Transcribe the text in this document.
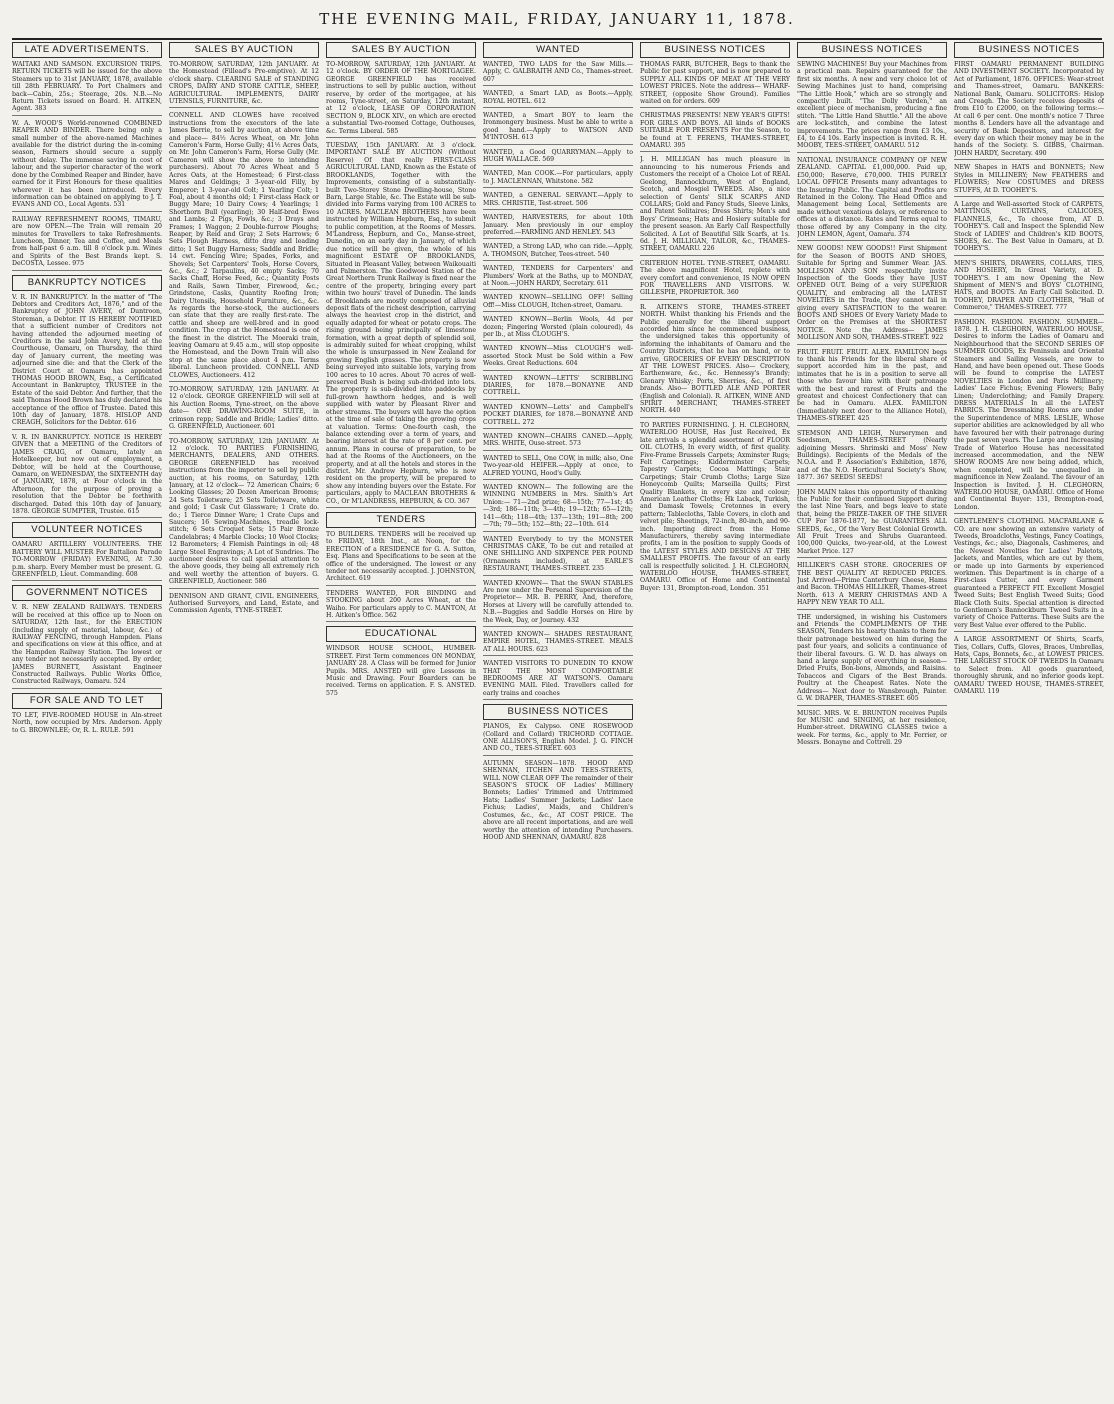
THE EVENING MAIL, FRIDAY, JANUARY 11, 1878.
LATE ADVERTISEMENTS.

WAITAKI AND SAMSON. EXCURSION TRIPS. RETURN TICKETS will be issued for the above Steamers up to 31st JANUARY, 1878, available till 28th FEBRUARY. To Port Chalmers and back—Cabin, 25s.; Steerage, 20s. N.B.—No Return Tickets issued on Board. H. AITKEN, Agent. 383

W. A. WOOD'S World-renowned COMBINED REAPER AND BINDER. There being only a small number of the above-named Machines available for the district during the in-coming season, Farmers should secure a supply without delay. The immense saving in cost of labour, and the superior character of the work done by the Combined Reaper and Binder, have earned for it First Honours for these qualities wherever it has been introduced. Every information can be obtained on applying to J. T. EVANS AND CO., Local Agents. 531

RAILWAY REFRESHMENT ROOMS, TIMARU, are now OPEN.—The Train will remain 20 minutes for Travellers to take Refreshments. Luncheon, Dinner, Tea and Coffee, and Meals from half-past 6 a.m. till 8 o'clock p.m. Wines and Spirits of the Best Brands kept. S. DeCOSTA, Lessee. 975

BANKRUPTCY NOTICES

V. R. IN BANKRUPTCY. In the matter of "The Debtors and Creditors Act, 1876," and of the Bankruptcy of JOHN AVERY, of Duntroon, Storeman, a Debtor. IT IS HEREBY NOTIFIED that a sufficient number of Creditors not having attended the adjourned meeting of Creditors in the said John Avery, held at the Courthouse, Oamaru, on Thursday, the third day of January current, the meeting was adjourned sine die: and that the Clerk of the District Court at Oamaru has appointed THOMAS HOOD BROWN, Esq., a Certificated Accountant in Bankruptcy, TRUSTEE in the Estate of the said Debtor. And further, that the said Thomas Hood Brown has duly declared his acceptance of the office of Trustee. Dated this 10th day of January, 1878. HISLOP AND CREAGH, Solicitors for the Debtor. 616

V. R. IN BANKRUPTCY. NOTICE IS HEREBY GIVEN that a MEETING of the Creditors of JAMES CRAIG, of Oamaru, lately an Hotelkeeper, but now out of employment, a Debtor, will be held at the Courthouse, Oamaru, on WEDNESDAY, the SIXTEENTH day of JANUARY, 1878, at Four o'clock in the Afternoon, for the purpose of proving a resolution that the Debtor be forthwith discharged. Dated this 10th day of January, 1878. GEORGE SUMPTER, Trustee. 615

VOLUNTEER NOTICES

OAMARU ARTILLERY VOLUNTEERS. THE BATTERY WILL MUSTER For Battalion Parade TO-MORROW (FRIDAY) EVENING, At 7.30 p.m. sharp. Every Member must be present. G. GREENFIELD, Lieut. Commanding. 608

GOVERNMENT NOTICES

V. R. NEW ZEALAND RAILWAYS. TENDERS will be received at this office up to Noon on SATURDAY, 12th Inst., for the ERECTION (including supply of material, labour, &c.) of RAILWAY FENCING, through Hampden. Plans and specifications on view at this office, and at the Hampden Railway Station. The lowest or any tender not necessarily accepted. By order, JAMES BURNETT, Assistant Engineer Constructed Railways. Public Works Office, Constructed Railways, Oamaru. 524

FOR SALE AND TO LET

TO LET, FIVE-ROOMED HOUSE in Aln-street North, now occupied by Mrs. Anderson. Apply to G. BROWNLEE; Or, R. L. RULE. 591

SALES BY AUCTION

TO-MORROW, SATURDAY, 12th JANUARY. At the Homestead (Fillead's Pre-emptive). At 12 o'clock sharp. CLEARING SALE of STANDING CROPS, DAIRY AND STORE CATTLE, SHEEP, AGRICULTURAL IMPLEMENTS, DAIRY UTENSILS, FURNITURE, &c.

CONNELL AND CLOWES have received instructions from the executors of the late James Berrie, to sell by auction, at above time and place— 84½ Acres Wheat, on Mr. John Cameron's Farm, Horse Gully; 41½ Acres Oats, on Mr. John Cameron's Farm, Horse Gully (Mr. Cameron will show the above to intending purchasers). About 70 Acres Wheat and 5 Acres Oats, at the Homestead; 6 First-class Mares and Geldings; 3 3-year-old Filly, by Emperor; 1 3-year-old Colt; 1 Yearling Colt; 1 Foal, about 4 months old; 1 First-class Hack or Buggy Mare; 10 Dairy Cows; 4 Yearlings; 1 Shorthorn Bull (yearling); 30 Half-bred Ewes and Lambs; 2 Pigs, Fowls, &c.; 3 Drays and Frames; 1 Waggon; 2 Double-furrow Ploughs; Reaper, by Reid and Gray; 2 Sets Harrows; 6 Sets Plough Harness, ditto dray and leading ditto; 1 Set Buggy Harness; Saddle and Bridle; 14 cwt. Fencing Wire; Spades, Forks, and Shovels; Set Carpenters' Tools, Horse Covers, &c., &c.; 2 Tarpaulins, 40 empty Sacks; 70 Sacks Chaff, Horse Feed, &c.; Quantity Posts and Rails, Sawn Timber, Firewood, &c.; Grindstone, Casks, Quantity Roofing Iron; Dairy Utensils, Household Furniture, &c., &c. As regards the horse-stock, the auctioneers can state that they are really first-rate. The cattle and sheep are well-bred and in good condition. The crop at the Homestead is one of the finest in the district. The Moeraki train, leaving Oamaru at 9.45 a.m., will stop opposite the Homestead, and the Down Train will also stop at the same place about 4 p.m. Terms liberal. Luncheon provided. CONNELL AND CLOWES, Auctioneers. 412

TO-MORROW, SATURDAY, 12th JANUARY. At 12 o'clock. GEORGE GREENFIELD will sell at his Auction Rooms, Tyne-street, on the above date— ONE DRAWING-ROOM SUITE, in crimson repp; Saddle and Bridle; Ladies' ditto. G. GREENFIELD, Auctioneer. 601

TO-MORROW, SATURDAY, 12th JANUARY. At 12 o'clock. TO PARTIES FURNISHING, MERCHANTS, DEALERS, AND OTHERS. GEORGE GREENFIELD has received instructions from the importer to sell by public auction, at his rooms, on Saturday, 12th January, at 12 o'clock— 72 American Chairs; 6 Looking Glasses; 20 Dozen American Brooms; 24 Sets Toiletware; 25 Sets Toiletware, white and gold; 1 Cask Cut Glassware; 1 Crate do. do.; 1 Tierce Dinner Ware; 1 Crate Cups and Saucers; 16 Sewing-Machines, treadle lock-stitch; 6 Sets Croquet Sets; 15 Pair Bronze Candelabras; 4 Marble Clocks; 10 Wool Clocks; 12 Barometers; 4 Flemish Paintings in oil; 48 Large Steel Engravings; A Lot of Sundries. The auctioneer desires to call special attention to the above goods, they being all extremely rich and well worthy the attention of buyers. G. GREENFIELD, Auctioneer. 586

DENNISON AND GRANT, CIVIL ENGINEERS, Authorised Surveyors, and Land, Estate, and Commission Agents, TYNE-STREET.

SALES BY AUCTION

TO-MORROW, SATURDAY, 12th JANUARY. At 12 o'clock. BY ORDER OF THE MORTGAGEE. GEORGE GREENFIELD has received instructions to sell by public auction, without reserve, by order of the mortgagee, at his rooms, Tyne-street, on Saturday, 12th instant, at 12 o'clock, LEASE OF CORPORATION SECTION 9, BLOCK XIV., on which are erected a substantial Two-roomed Cottage, Outhouses, &c. Terms Liberal. 585

TUESDAY, 15th JANUARY. At 3 o'clock. IMPORTANT SALE BY AUCTION (Without Reserve) Of that really FIRST-CLASS AGRICULTURAL LAND, Known as the Estate of BROOKLANDS, Together with the Improvements, consisting of a substantially-built Two-Storey Stone Dwelling-house, Stone Barn, Large Stable, &c. The Estate will be sub-divided into Farms varying from 100 ACRES to 10 ACRES. MACLEAN BROTHERS have been instructed by William Hepburn, Esq., to submit to public competition, at the Rooms of Messrs. M'Landress, Hepburn, and Co., Manse-street, Dunedin, on an early day in January, of which due notice will be given, the whole of his magnificent ESTATE OF BROOKLANDS, Situated in Pleasant Valley, between Waikouaiti and Palmerston. The Goodwood Station of the Great Northern Trunk Railway is fixed near the centre of the property, bringing every part within two hours' travel of Dunedin. The lands of Brooklands are mostly composed of alluvial deposit flats of the richest description, carrying always the heaviest crop in the district, and equally adapted for wheat or potato crops. The rising ground being principally of limestone formation, with a great depth of splendid soil, is admirably suited for wheat cropping, whilst the whole is unsurpassed in New Zealand for growing English grasses. The property is now being surveyed into suitable lots, varying from 100 acres to 10 acres. About 70 acres of well-preserved Bush is being sub-divided into lots. The property is sub-divided into paddocks by full-grown hawthorn hedges, and is well supplied with water by Pleasant River and other streams. The buyers will have the option at the time of sale of taking the growing crops at valuation. Terms: One-fourth cash, the balance extending over a term of years, and bearing interest at the rate of 8 per cent. per annum. Plans in course of preparation, to be had at the Rooms of the Auctioneers, on the property, and at all the hotels and stores in the district. Mr. Andrew Hepburn, who is now resident on the property, will be prepared to show any intending buyers over the Estate. For particulars, apply to MACLEAN BROTHERS & CO., Or M'LANDRESS, HEPBURN, & CO. 367

TENDERS

TO BUILDERS. TENDERS will be received up to FRIDAY, 18th Inst., at Noon, for the ERECTION of a RESIDENCE for G. A. Sutton, Esq. Plans and Specifications to be seen at the office of the undersigned. The lowest or any tender not necessarily accepted. J. JOHNSTON, Architect. 619

TENDERS WANTED, FOR BINDING and STOOKING about 200 Acres Wheat, at the Waiho. For particulars apply to C. MANTON, At H. Aitken's Office. 562

EDUCATIONAL

WINDSOR HOUSE SCHOOL, HUMBER-STREET. First Term commences ON MONDAY, JANUARY 28. A Class will be formed for Junior Pupils. MRS. ANSTED will give Lessons in Music and Drawing. Four Boarders can be received. Terms on application. F. S. ANSTED. 575

WANTED

WANTED, TWO LADS for the Saw Mills.—Apply, C. GALBRAITH AND Co., Thames-street. 607

WANTED, a Smart LAD, as Boots.—Apply, ROYAL HOTEL. 612

WANTED, a Smart BOY to learn the Ironmongery business. Must be able to write a good hand.—Apply to WATSON AND M'INTOSH. 613

WANTED, a Good QUARRYMAN.—Apply to HUGH WALLACE. 569

WANTED, Man COOK.—For particulars, apply to J. MACLENNAN, Whitstone. 582

WANTED, a GENERAL SERVANT.—Apply to MRS. CHRISTIE, Test-street. 506

WANTED, HARVESTERS, for about 10th January. Men previously in our employ preferred.—FARMING AND HENLEY. 543

WANTED, a Strong LAD, who can ride.—Apply, A. THOMSON, Butcher, Tees-street. 540

WANTED, TENDERS for Carpenters' and Plumbers' Work at the Baths, up to MONDAY, at Noon.—JOHN HARDY, Secretary. 611

WANTED KNOWN—SELLING OFF! Selling Off!—Miss CLOUGH, Itchen-street, Oamaru.

WANTED KNOWN—Berlin Wools, 4d per dozen; Fingering Worsted (plain coloured), 4s per lb., at Miss CLOUGH'S.

WANTED KNOWN—Miss CLOUGH'S well-assorted Stock Must be Sold within a Few Weeks. Great Reductions. 604

WANTED KNOWN—LETTS' SCRIBBLING DIARIES, for 1878.—BONAYNE AND COTTRELL.

WANTED KNOWN—Letts' and Campbell's POCKET DIARIES, for 1878.—BONAYNE AND COTTRELL. 272

WANTED KNOWN—CHAIRS CANED.—Apply, MRS. WHITE, Ouse-street. 573

WANTED to SELL, One COW, in milk; also, One Two-year-old HEIFER.—Apply at once, to ALFRED YOUNG, Hood's Gully.

WANTED KNOWN— The following are the WINNING NUMBERS in Mrs. Smith's Art Union:— 71—2nd prize; 68—15th; 77—1st; 45—3rd; 186—11th; 3—4th; 19—12th; 65—12th; 141—6th; 118—4th; 137—13th; 191—8th; 200—7th; 79—5th; 152—8th; 22—10th. 614

WANTED Everybody to try the MONSTER CHRISTMAS CAKE, To be cut and retailed at ONE SHILLING AND SIXPENCE PER POUND (Ornaments included), at EARLE'S RESTAURANT, THAMES-STREET. 235

WANTED KNOWN— That the SWAN STABLES Are now under the Personal Supervision of the Proprietor— MR. B. PERRY, And, therefore, Horses at Livery will be carefully attended to. N.B.—Buggies and Saddle Horses on Hire by the Week, Day, or Journey. 432

WANTED KNOWN— SHADES RESTAURANT, EMPIRE HOTEL, THAMES-STREET. MEALS AT ALL HOURS. 623

WANTED VISITORS TO DUNEDIN TO KNOW THAT THE MOST COMFORTABLE BEDROOMS ARE AT WATSON'S. Oamaru EVENING MAIL Filed. Travellers called for early trains and coaches

BUSINESS NOTICES

PIANOS, Ex Calypso. ONE ROSEWOOD (Collard and Collard) TRICHORD COTTAGE. ONE ALLISON'S, English Model. J. G. FINCH AND CO., TEES-STREET. 603

AUTUMN SEASON—1878. HOOD AND SHENNAN, ITCHEN AND TEES-STREETS, WILL NOW CLEAR OFF The remainder of their SEASON'S STOCK OF Ladies' Millinery Bonnets; Ladies' Trimmed and Untrimmed Hats; Ladies' Summer Jackets; Ladies' Lace Fichus; Ladies', Maids, and Children's Costumes, &c., &c., AT COST PRICE. The above are all recent importations, and are well worthy the attention of intending Purchasers. HOOD AND SHENNAN, OAMARU. 828

BUSINESS NOTICES

THOMAS FARR, BUTCHER, Begs to thank the Public for past support, and is now prepared to SUPPLY ALL KINDS OF MEAT AT THE VERY LOWEST PRICES. Note the address— WHARF-STREET, (opposite Show Ground). Families waited on for orders. 609

CHRISTMAS PRESENTS! NEW YEAR'S GIFTS! FOR GIRLS AND BOYS. All kinds of BOOKS SUITABLE FOR PRESENTS For the Season, to be found at T. FERENS, THAMES-STREET, OAMARU. 395

J. H. MILLIGAN has much pleasure in announcing to his numerous Friends and Customers the receipt of a Choice Lot of REAL Geelong, Bannockburn, West of England, Scotch, and Mosgiel TWEEDS. Also, a nice selection of Gents' SILK SCARFS AND COLLARS; Gold and Fancy Studs, Sleeve Links, and Patent Solitaires; Dress Shirts; Men's and Boys' Crimeans; Hats and Hosiery suitable for the present season. An Early Call Respectfully Solicited. A Lot of Beautiful Silk Scarfs, at 1s. 6d. J. H. MILLIGAN, TAILOR, &c., THAMES-STREET, OAMARU. 226

CRITERION HOTEL TYNE-STREET, OAMARU. The above magnificent Hotel, replete with every comfort and convenience, IS NOW OPEN FOR TRAVELLERS AND VISITORS. W. GILLESPIE, PROPRIETOR. 360

R. AITKEN'S STORE, THAMES-STREET NORTH. Whilst thanking his Friends and the Public generally for the liberal support accorded him since he commenced business, the undersigned takes this opportunity of informing the inhabitants of Oamaru and the Country Districts, that he has on hand, or to arrive, GROCERIES OF EVERY DESCRIPTION AT THE LOWEST PRICES. Also— Crockery, Earthenware, &c., &c. Hennessy's Brandy; Glenary Whisky; Ports, Sherries, &c., of first brands. Also— BOTTLED ALE AND PORTER (English and Colonial). R. AITKEN, WINE AND SPIRIT MERCHANT, THAMES-STREET NORTH. 440

TO PARTIES FURNISHING. J. H. CLEGHORN, WATERLOO HOUSE, Has Just Received, Ex late arrivals a splendid assortment of FLOOR OIL CLOTHS, In every width, of first quality. Five-Frame Brussels Carpets; Axminster Rugs; Felt Carpetings; Kidderminster Carpets; Tapestry Carpets; Cocoa Mattings; Stair Carpetings; Stair Crumb Cloths; Large Size Honeycomb Quilts; Marseilla Quilts; First Quality Blankets, in every size and colour; American Leather Cloths; Hk Laback, Turkish, and Damask Towels; Cretonnes in every pattern; Tablecloths, Table Covers, in cloth and velvet pile; Sheetings, 72-inch, 80-inch, and 90-inch. Importing direct from the Home Manufacturers, thereby saving intermediate profits, I am in the position to supply Goods of the LATEST STYLES AND DESIGNS AT THE SMALLEST PROFITS. The favour of an early call is respectfully solicited. J. H. CLEGHORN, WATERLOO HOUSE, THAMES-STREET, OAMARU. Office of Home and Continental Buyer: 131, Brompton-road, London. 351

BUSINESS NOTICES

SEWING MACHINES! Buy your Machines from a practical man. Repairs guaranteed for the first six months. A new and very choice lot of Sewing Machines just to hand, comprising "The Little Hook," which are so strongly and compactly built. "The Dolly Varden," an excellent piece of mechanism, producing a fine stitch. "The Little Hand Shuttle." All the above are lock-stitch, and combine the latest improvements. The prices range from £3 10s., £4, to £4 10s. Early inspection is invited. R. H. MOOBY, TEES-STREET, OAMARU. 512

NATIONAL INSURANCE COMPANY OF NEW ZEALAND. CAPITAL £1,000,000. Paid up, £50,000; Reserve, £70,000. THIS PURELY LOCAL OFFICE Presents many advantages to the Insuring Public. The Capital and Profits are Retained in the Colony. The Head Office and Management being Local, Settlements are made without vexatious delays, or reference to offices at a distance. Rates and Terms equal to those offered by any Company in the city. JOHN LEMON, Agent, Oamaru. 374

NEW GOODS! NEW GOODS!! First Shipment for the Season of BOOTS AND SHOES, Suitable for Spring and Summer Wear. JAS. MOLLISON AND SON respectfully invite Inspection of the Goods they have JUST OPENED OUT. Being of a very SUPERIOR QUALITY, and embracing all the LATEST NOVELTIES in the Trade, they cannot fail in giving every SATISFACTION to the wearer. BOOTS AND SHOES Of Every Variety Made to Order on the Premises at the SHORTEST NOTICE. Note the Address— JAMES MOLLISON AND SON, THAMES-STREET. 922

FRUIT. FRUIT. FRUIT. ALEX. FAMILTON begs to thank his Friends for the liberal share of support accorded him in the past, and intimates that he is in a position to serve all those who favour him with their patronage with the best and rarest of Fruits and the greatest and choicest Confectionery that can be had in Oamaru. ALEX. FAMILTON (Immediately next door to the Alliance Hotel), THAMES-STREET. 425

STEMSON AND LEIGH, Nurserymen and Seedsmen, THAMES-STREET (Nearly adjoining Messrs. Shrimski and Moss' New Buildings). Recipients of the Medals of the N.O.A. and P. Association's Exhibition, 1876, and of the N.O. Horticultural Society's Show, 1877. 367 SEEDS! SEEDS!

JOHN MAIN takes this opportunity of thanking the Public for their continued Support during the last Nine Years, and begs leave to state that, being the PRIZE-TAKER OF THE SILVER CUP For 1876-1877, he GUARANTEES ALL SEEDS, &c., Of the Very Best Colonial Growth. All Fruit Trees and Shrubs Guaranteed. 100,000 Quicks, two-year-old, at the Lowest Market Price. 127

HILLIKER'S CASH STORE. GROCERIES OF THE BEST QUALITY AT REDUCED PRICES. Just Arrived—Prime Canterbury Cheese, Hams and Bacon. THOMAS HILLIKER, Thames-street North. 613 A MERRY CHRISTMAS AND A HAPPY NEW YEAR TO ALL.

THE undersigned, in wishing his Customers and Friends the COMPLIMENTS OF THE SEASON, Tenders his hearty thanks to them for their patronage bestowed on him during the past four years, and solicits a continuance of their liberal favours. G. W. D. has always on hand a large supply of everything in season— Dried Fruits, Bon-bons, Almonds, and Raisins. Tobaccos and Cigars of the Best Brands. Poultry at the Cheapest Rates. Note the Address— Next door to Wansbrough, Painter. G. W. DRAPER, THAMES-STREET. 605

MUSIC. MRS. W. E. BRUNTON receives Pupils for MUSIC and SINGING, at her residence, Humber-street. DRAWING CLASSES twice a week. For terms, &c., apply to Mr. Ferrier, or Messrs. Bonayne and Cottrell. 29

BUSINESS NOTICES

FIRST OAMARU PERMANENT BUILDING AND INVESTMENT SOCIETY. Incorporated by Act of Parliament, 1876. OFFICES: Wear-street and Thames-street, Oamaru. BANKERS: National Bank, Oamaru. SOLICITORS: Hislop and Creagh. The Society receives deposits of from £10 to £2000, on the following terms:— At call 6 per cent. One month's notice 7 Three months 8. Lenders have all the advantage and security of Bank Depositors, and interest for every day on which their money may be in the hands of the Society. S. GIBBS, Chairman. JOHN HARDY, Secretary. 490

NEW Shapes in HATS and BONNETS; New Styles in MILLINERY; New FEATHERS and FLOWERS; New COSTUMES and DRESS STUFFS, At D. TOOHEY'S.

A Large and Well-assorted Stock of CARPETS, MATTINGS, CURTAINS, CALICOES, FLANNELS, &c., To choose from, AT D. TOOHEY'S. Call and Inspect the Splendid New Stock of LADIES' and Children's KID BOOTS, SHOES, &c. The Best Value in Oamaru, at D. TOOHEY'S.

MEN'S SHIRTS, DRAWERS, COLLARS, TIES, AND HOSIERY, In Great Variety, at D. TOOHEY'S. I am now Opening the New Shipment of MEN'S and BOYS' CLOTHING, HATS, and BOOTS. An Early Call Solicited. D. TOOHEY, DRAPER AND CLOTHIER, "Hall of Commerce," THAMES-STREET. 777

FASHION. FASHION. FASHION. SUMMER—1878. J. H. CLEGHORN, WATERLOO HOUSE, Desires to inform the Ladies of Oamaru and Neighbourhood that the SECOND SERIES OF SUMMER GOODS, Ex Peninsula and Oriental Steamers and Sailing Vessels, are now to Hand, and have been opened out. These Goods will be found to comprise the LATEST NOVELTIES in London and Paris Millinery; Ladies' Lace Fichus; Evening Flowers; Baby Linen; Underclothing; and Family Drapery. DRESS MATERIALS In all the LATEST FABRICS. The Dressmaking Rooms are under the Superintendence of MRS. LESLIE, Whose superior abilities are acknowledged by all who have favoured her with their patronage during the past seven years. The Large and Increasing Trade of Waterloo House has necessitated increased accommodation, and the NEW SHOW ROOMS Are now being added, which, when completed, will be unequalled in magnificence in New Zealand. The favour of an Inspection is Invited. J. H. CLEGHORN, WATERLOO HOUSE, OAMARU. Office of Home and Continental Buyer: 131, Brompton-road, London.

GENTLEMEN'S CLOTHING. MACFARLANE & CO. are now showing an extensive variety of Tweeds, Broadcloths, Vestings, Fancy Coatings, Vestings, &c.; also, Diagonals, Cashmeres, and the Newest Novelties for Ladies' Paletots, Jackets, and Mantles, which are cut by them, or made up into Garments by experienced workmen. This Department is in charge of a First-class Cutter, and every Garment guaranteed a PERFECT FIT. Excellent Mosgiel Tweed Suits; Best English Tweed Suits; Good Black Cloth Suits. Special attention is directed to Gentlemen's Bannockburn Tweed Suits in a variety of Choice Patterns. These Suits are the very Best Value ever offered to the Public.

A LARGE ASSORTMENT Of Shirts, Scarfs, Ties, Collars, Cuffs, Gloves, Braces, Umbrellas, Hats, Caps, Bonnets, &c., at LOWEST PRICES. THE LARGEST STOCK OF TWEEDS In Oamaru to Select from. All goods guaranteed, thoroughly shrunk, and no inferior goods kept. OAMARU TWEED HOUSE, THAMES-STREET, OAMARU. 119
